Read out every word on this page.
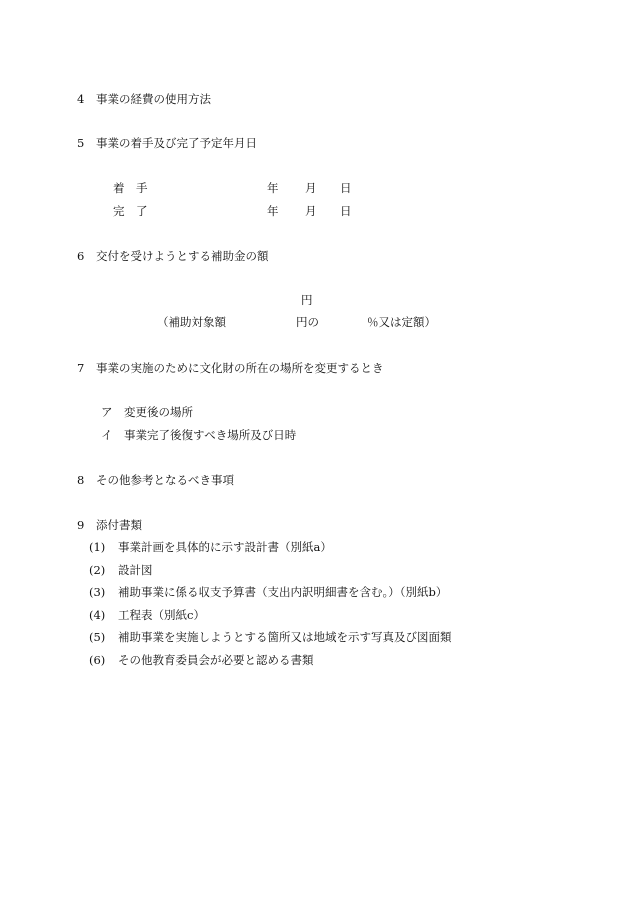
4 事業の経費の使用方法
5 事業の着手及び完了予定年月日
着　手	年 月 日
完　了	年 月 日
6 交付を受けようとする補助金の額
円
（補助対象額	円の	％又は定額）
7 事業の実施のために文化財の所在の場所を変更するとき
ア 変更後の場所
イ 事業完了後復すべき場所及び日時
8 その他参考となるべき事項
9 添付書類
(1) 事業計画を具体的に示す設計書（別紙a）
(2) 設計図
(3) 補助事業に係る収支予算書（支出内訳明細書を含む。）（別紙b）
(4) 工程表（別紙c）
(5) 補助事業を実施しようとする箇所又は地域を示す写真及び図面類
(6) その他教育委員会が必要と認める書類
